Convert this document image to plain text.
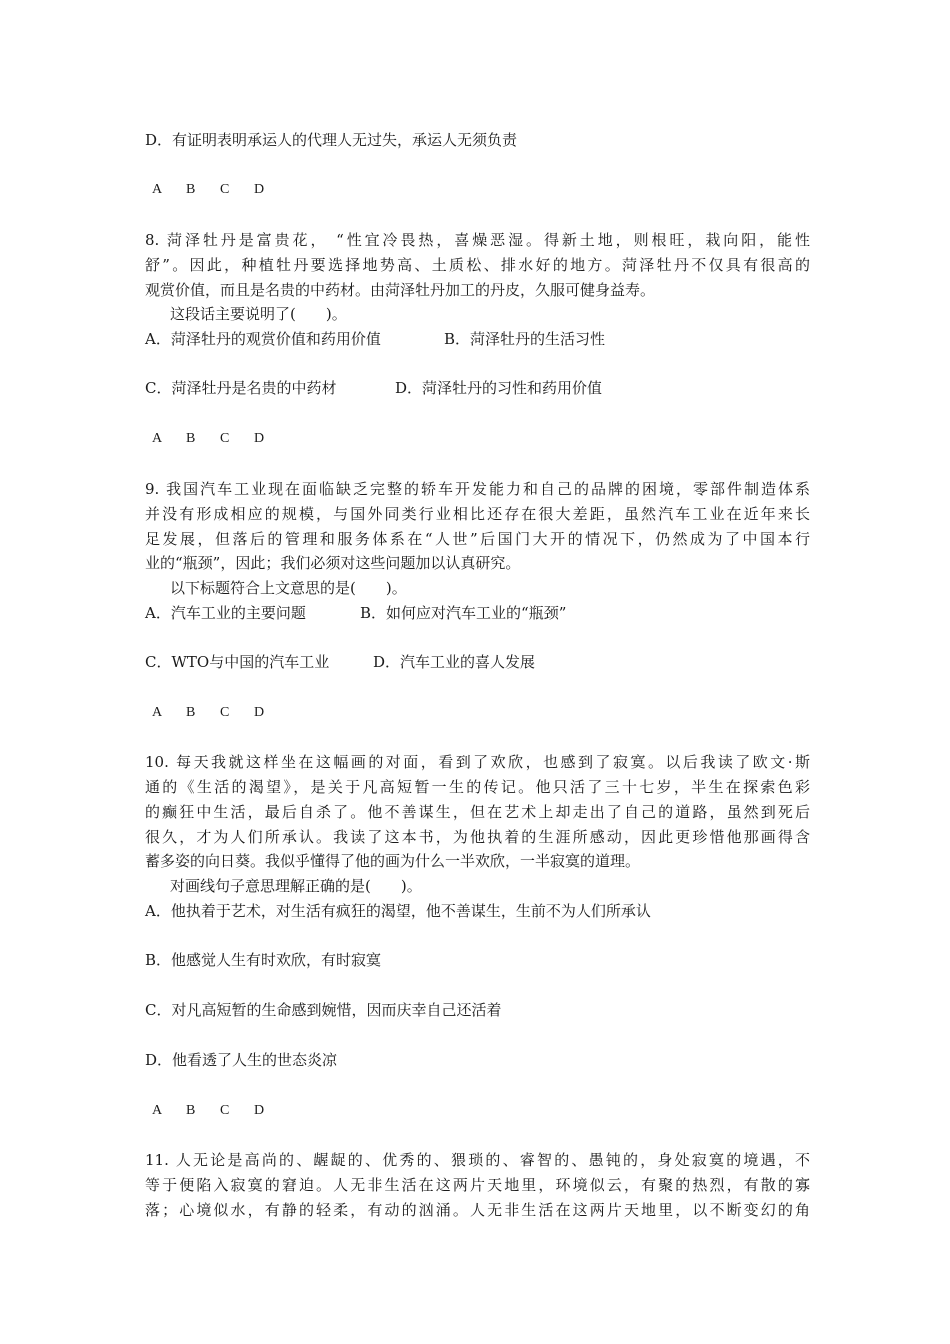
D．有证明表明承运人的代理人无过失，承运人无须负责
A B C D
8. 菏泽牡丹是富贵花， “性宜冷畏热，喜燥恶湿。得新土地，则根旺，栽向阳，能性
舒”。因此，种植牡丹要选择地势高、土质松、排水好的地方。菏泽牡丹不仅具有很高的
观赏价值，而且是名贵的中药材。由菏泽牡丹加工的丹皮，久服可健身益寿。
这段话主要说明了(　　)。
A．菏泽牡丹的观赏价值和药用价值	B．菏泽牡丹的生活习性
C．菏泽牡丹是名贵的中药材	D．菏泽牡丹的习性和药用价值
A B C D
9. 我国汽车工业现在面临缺乏完整的轿车开发能力和自己的品牌的困境，零部件制造体系
并没有形成相应的规模，与国外同类行业相比还存在很大差距，虽然汽车工业在近年来长
足发展，但落后的管理和服务体系在“人世”后国门大开的情况下，仍然成为了中国本行
业的“瓶颈”，因此；我们必须对这些问题加以认真研究。
以下标题符合上文意思的是(　　)。
A．汽车工业的主要问题	B．如何应对汽车工业的“瓶颈”
C．WTO与中国的汽车工业	D．汽车工业的喜人发展
A B C D
10. 每天我就这样坐在这幅画的对面，看到了欢欣，也感到了寂寞。以后我读了欧文·斯
通的《生活的渴望》，是关于凡高短暂一生的传记。他只活了三十七岁，半生在探索色彩
的癫狂中生活，最后自杀了。他不善谋生，但在艺术上却走出了自己的道路，虽然到死后
很久，才为人们所承认。我读了这本书，为他执着的生涯所感动，因此更珍惜他那画得含
蓄多姿的向日葵。我似乎懂得了他的画为什么一半欢欣，一半寂寞的道理。
对画线句子意思理解正确的是(　　)。
A．他执着于艺术，对生活有疯狂的渴望，他不善谋生，生前不为人们所承认
B．他感觉人生有时欢欣，有时寂寞
C．对凡高短暂的生命感到婉惜，因而庆幸自己还活着
D．他看透了人生的世态炎凉
A B C D
11. 人无论是高尚的、龌龊的、优秀的、猥琐的、睿智的、愚钝的，身处寂寞的境遇，不
等于便陷入寂寞的窘迫。人无非生活在这两片天地里，环境似云，有聚的热烈，有散的寡
落；心境似水，有静的轻柔，有动的汹涌。人无非生活在这两片天地里，以不断变幻的角
